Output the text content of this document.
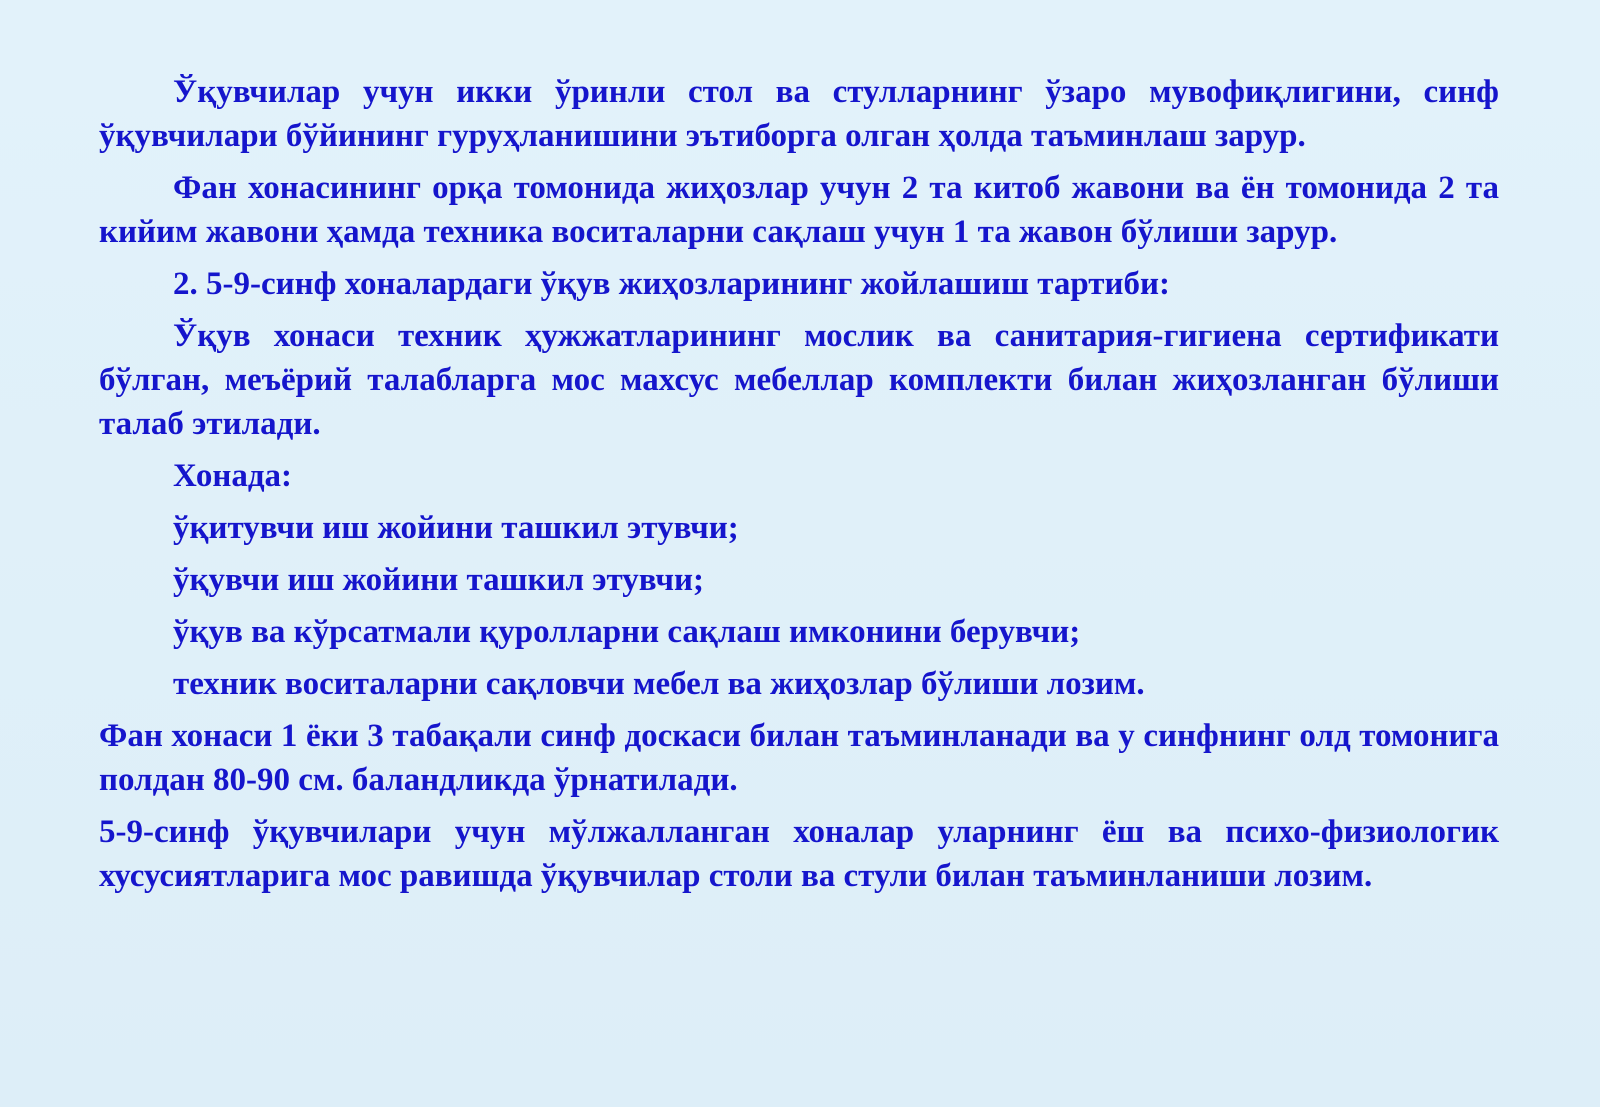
Ўқувчилар учун икки ўринли стол ва стулларнинг ўзаро мувофиқлигини, синф ўқувчилари бўйининг гуруҳланишини эътиборга олган ҳолда таъминлаш зарур.

Фан хонасининг орқа томонида жиҳозлар учун 2 та китоб жавони ва ён томонида 2 та кийим жавони ҳамда техника воситаларни сақлаш учун 1 та жавон бўлиши зарур.

2. 5-9-синф хоналардаги ўқув жиҳозларининг жойлашиш тартиби:

Ўқув хонаси техник ҳужжатларининг мослик ва санитария-гигиена сертификати бўлган, меъёрий талабларга мос махсус мебеллар комплекти билан жиҳозланган бўлиши талаб этилади.

Хонада:

ўқитувчи иш жойини ташкил этувчи;

ўқувчи иш жойини ташкил этувчи;

ўқув ва кўрсатмали қуролларни сақлаш имконини берувчи;

техник воситаларни сақловчи мебел ва жиҳозлар бўлиши лозим.

Фан хонаси 1 ёки 3 табақали синф доскаси билан таъминланади ва у синфнинг олд томонига полдан 80-90 см. баландликда ўрнатилади.

5-9-синф ўқувчилари учун мўлжалланган хоналар уларнинг ёш ва психо-физиологик хусусиятларига мос равишда ўқувчилар столи ва стули билан таъминланиши лозим.
